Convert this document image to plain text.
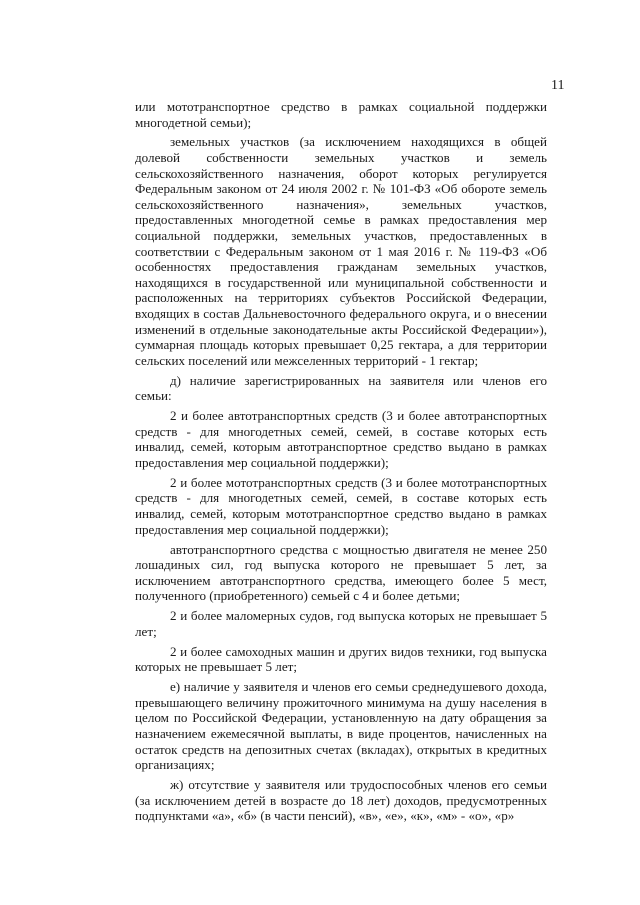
11

или мототранспортное средство в рамках социальной поддержки многодетной семьи);

земельных участков (за исключением находящихся в общей долевой собственности земельных участков и земель сельскохозяйственного назначения, оборот которых регулируется Федеральным законом от 24 июля 2002 г. № 101-ФЗ «Об обороте земель сельскохозяйственного назначения», земельных участков, предоставленных многодетной семье в рамках предоставления мер социальной поддержки, земельных участков, предоставленных в соответствии с Федеральным законом от 1 мая 2016 г. № 119-ФЗ «Об особенностях предоставления гражданам земельных участков, находящихся в государственной или муниципальной собственности и расположенных на территориях субъектов Российской Федерации, входящих в состав Дальневосточного федерального округа, и о внесении изменений в отдельные законодательные акты Российской Федерации»), суммарная площадь которых превышает 0,25 гектара, а для территории сельских поселений или межселенных территорий - 1 гектар;

д) наличие зарегистрированных на заявителя или членов его семьи:

2 и более автотранспортных средств (3 и более автотранспортных средств - для многодетных семей, семей, в составе которых есть инвалид, семей, которым автотранспортное средство выдано в рамках предоставления мер социальной поддержки);

2 и более мототранспортных средств (3 и более мототранспортных средств - для многодетных семей, семей, в составе которых есть инвалид, семей, которым мототранспортное средство выдано в рамках предоставления мер социальной поддержки);

автотранспортного средства с мощностью двигателя не менее 250 лошадиных сил, год выпуска которого не превышает 5 лет, за исключением автотранспортного средства, имеющего более 5 мест, полученного (приобретенного) семьей с 4 и более детьми;

2 и более маломерных судов, год выпуска которых не превышает 5 лет;

2 и более самоходных машин и других видов техники, год выпуска которых не превышает 5 лет;

е) наличие у заявителя и членов его семьи среднедушевого дохода, превышающего величину прожиточного минимума на душу населения в целом по Российской Федерации, установленную на дату обращения за назначением ежемесячной выплаты, в виде процентов, начисленных на остаток средств на депозитных счетах (вкладах), открытых в кредитных организациях;

ж) отсутствие у заявителя или трудоспособных членов его семьи (за исключением детей в возрасте до 18 лет) доходов, предусмотренных подпунктами «а», «б» (в части пенсий), «в», «е», «к», «м» - «о», «р»
